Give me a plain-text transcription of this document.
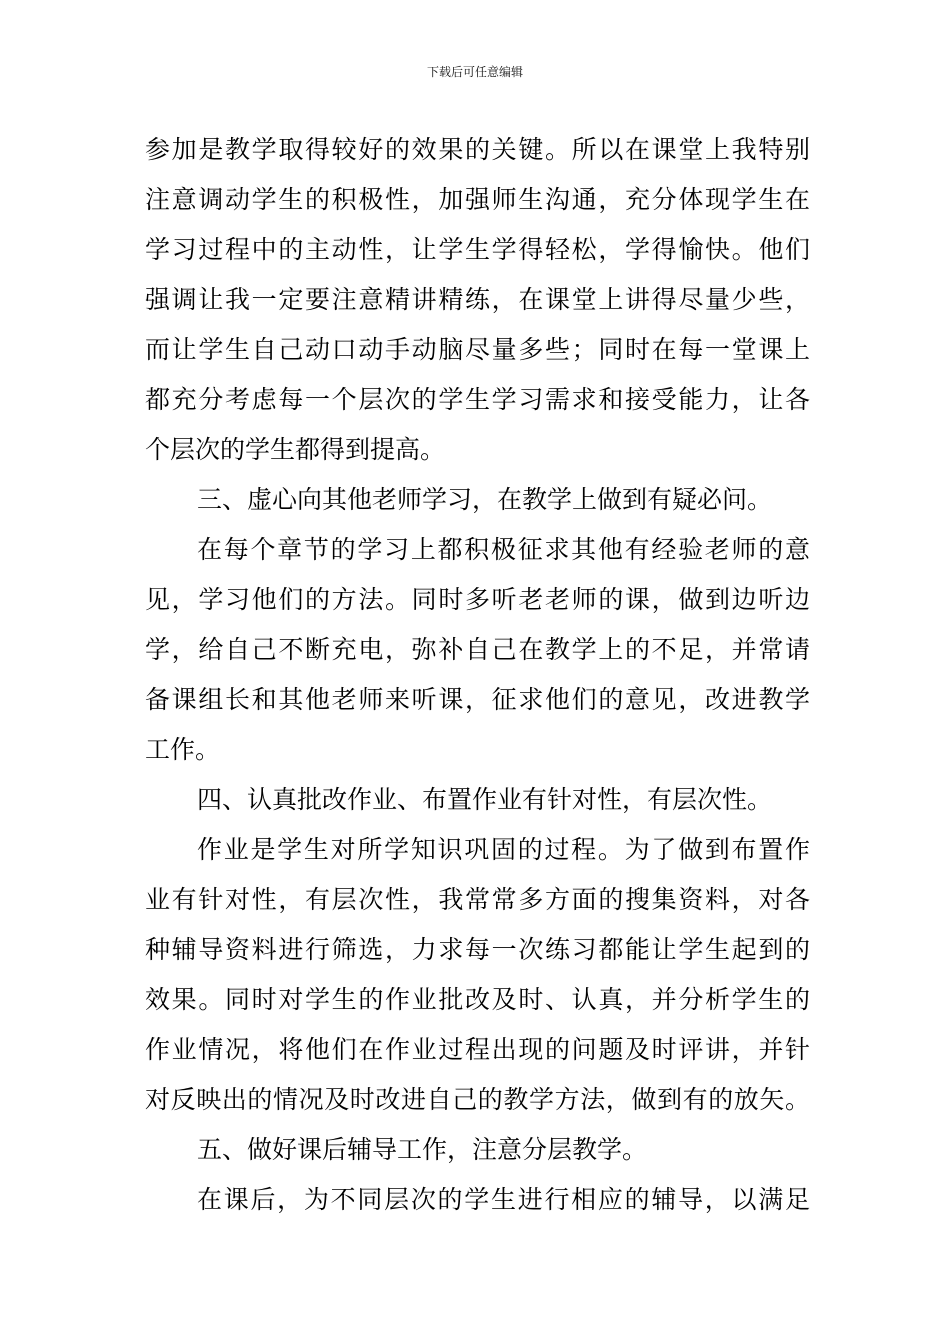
下载后可任意编辑
参加是教学取得较好的效果的关键。所以在课堂上我特别
注意调动学生的积极性，加强师生沟通，充分体现学生在
学习过程中的主动性，让学生学得轻松，学得愉快。他们
强调让我一定要注意精讲精练，在课堂上讲得尽量少些，
而让学生自己动口动手动脑尽量多些；同时在每一堂课上
都充分考虑每一个层次的学生学习需求和接受能力，让各
个层次的学生都得到提高。
三、虚心向其他老师学习，在教学上做到有疑必问。
在每个章节的学习上都积极征求其他有经验老师的意
见，学习他们的方法。同时多听老老师的课，做到边听边
学，给自己不断充电，弥补自己在教学上的不足，并常请
备课组长和其他老师来听课，征求他们的意见，改进教学
工作。
四、认真批改作业、布置作业有针对性，有层次性。
作业是学生对所学知识巩固的过程。为了做到布置作
业有针对性，有层次性，我常常多方面的搜集资料，对各
种辅导资料进行筛选，力求每一次练习都能让学生起到的
效果。同时对学生的作业批改及时、认真，并分析学生的
作业情况，将他们在作业过程出现的问题及时评讲，并针
对反映出的情况及时改进自己的教学方法，做到有的放矢。
五、做好课后辅导工作，注意分层教学。
在课后，为不同层次的学生进行相应的辅导，以满足
